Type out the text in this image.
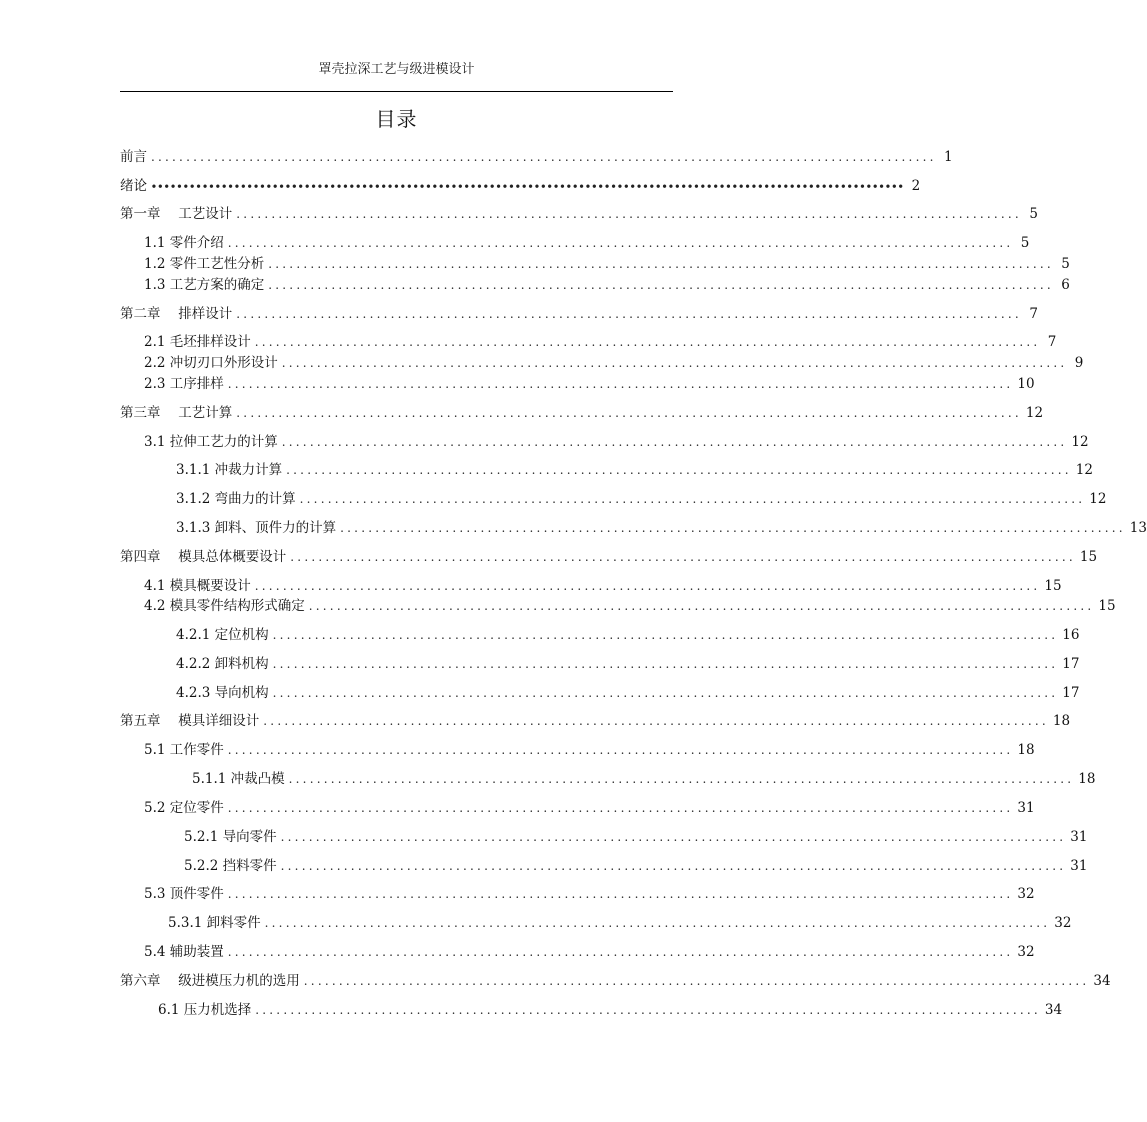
罩壳拉深工艺与级进模设计
目录
前言 ................................................................................................................ 1
绪论 ∙∙∙∙∙∙∙∙∙∙∙∙∙∙∙∙∙∙∙∙∙∙∙∙∙∙∙∙∙∙∙∙∙∙∙∙∙∙∙∙∙∙∙∙∙∙∙∙∙∙∙∙∙∙∙∙∙∙∙∙∙∙∙∙∙∙∙∙∙∙∙∙∙∙∙∙∙∙∙∙∙∙∙∙∙∙∙∙∙∙∙∙∙∙∙∙∙∙∙∙∙∙∙∙∙∙∙∙∙∙∙∙∙∙∙∙∙∙ 2
第一章　 工艺设计 ................................................................................................................ 5
1.1 零件介绍 ................................................................................................................ 5
1.2 零件工艺性分析 ................................................................................................................ 5
1.3 工艺方案的确定 ................................................................................................................ 6
第二章　 排样设计 ................................................................................................................ 7
2.1 毛坯排样设计 ................................................................................................................ 7
2.2 冲切刃口外形设计 ................................................................................................................ 9
2.3 工序排样 ................................................................................................................ 10
第三章　 工艺计算 ................................................................................................................ 12
3.1 拉伸工艺力的计算 ................................................................................................................ 12
3.1.1 冲裁力计算 ................................................................................................................ 12
3.1.2 弯曲力的计算 ................................................................................................................ 12
3.1.3 卸料、顶件力的计算 ................................................................................................................ 13
第四章　 模具总体概要设计 ................................................................................................................ 15
4.1 模具概要设计 ................................................................................................................ 15
4.2 模具零件结构形式确定 ................................................................................................................ 15
4.2.1 定位机构 ................................................................................................................ 16
4.2.2 卸料机构 ................................................................................................................ 17
4.2.3 导向机构 ................................................................................................................ 17
第五章　 模具详细设计 ................................................................................................................ 18
5.1 工作零件 ................................................................................................................ 18
5.1.1 冲裁凸模 ................................................................................................................ 18
5.2 定位零件 ................................................................................................................ 31
5.2.1 导向零件 ................................................................................................................ 31
5.2.2 挡料零件 ................................................................................................................ 31
5.3 顶件零件 ................................................................................................................ 32
5.3.1 卸料零件 ................................................................................................................ 32
5.4 辅助装置 ................................................................................................................ 32
第六章　 级进模压力机的选用 ................................................................................................................ 34
6.1 压力机选择 ................................................................................................................ 34
